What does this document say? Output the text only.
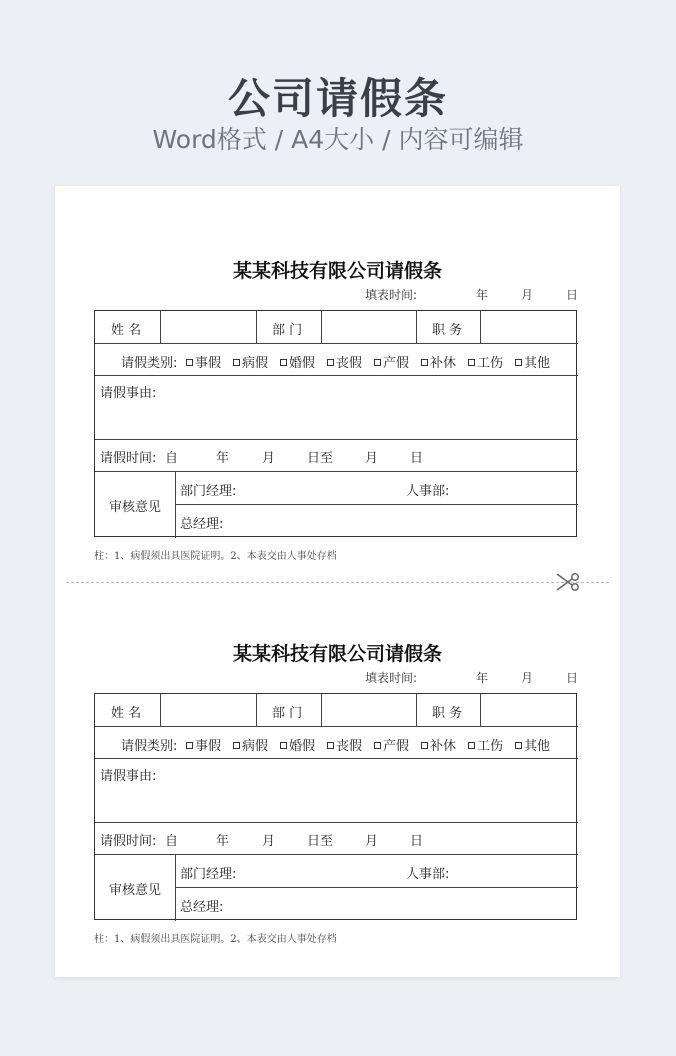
公司请假条
Word格式 / A4大小 / 内容可编辑
某某科技有限公司请假条
填表时间:	年	月	日
姓 名	部 门	职 务
请假类别:	事假	病假	婚假	丧假	产假	补休	工伤	其他
请假事由:
请假时间: 自	年	月 日至 月 日
审核意见
部门经理:	人事部:
总经理:
柱：1、病假须出具医院证明。2、本表交由人事处存档
某某科技有限公司请假条
填表时间:	年	月	日
姓 名	部 门	职 务
请假类别:	事假	病假	婚假	丧假	产假	补休	工伤	其他
请假事由:
请假时间: 自	年	月 日至 月 日
审核意见
部门经理:	人事部:
总经理:
柱：1、病假须出具医院证明。2、本表交由人事处存档
